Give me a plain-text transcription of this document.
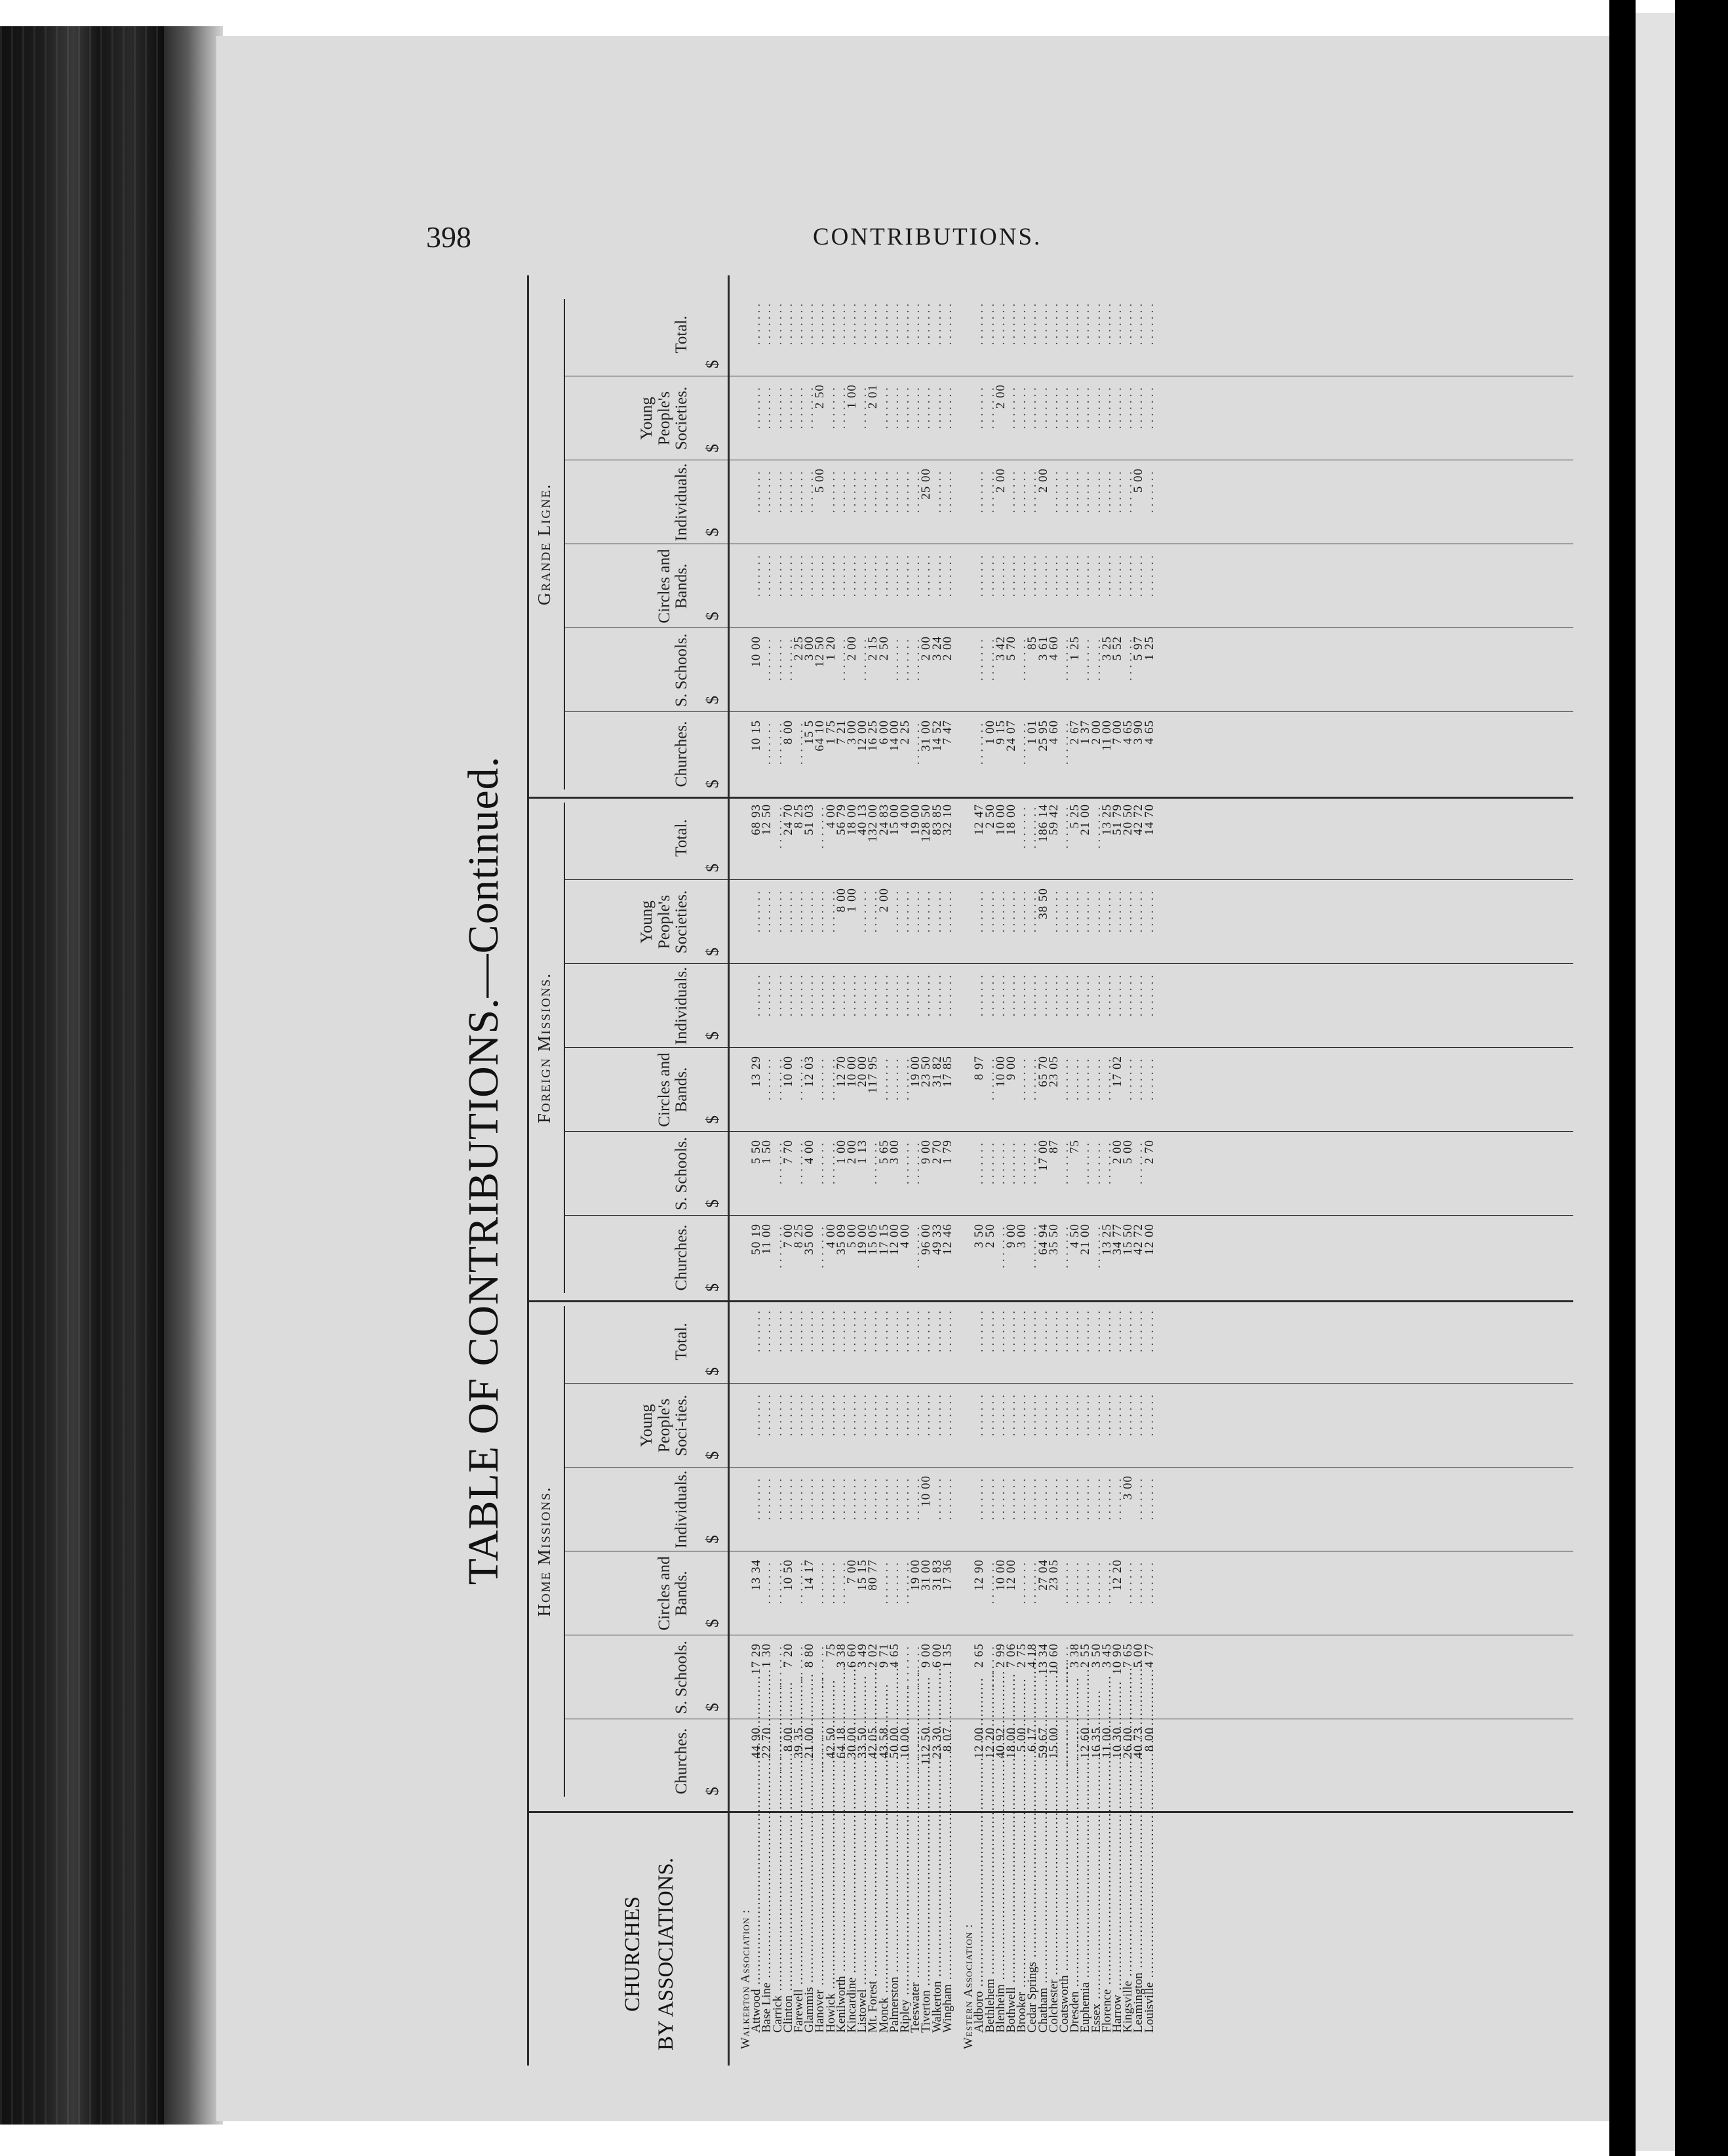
398	CONTRIBUTIONS.
TABLE OF CONTRIBUTIONS.—Continued.
CHURCHES BY ASSOCIATIONS.
Home Missions.
Churches. $
S. Schools. $
Circles and Bands.
$
Individuals. $
Young People's Soci-ties. $
Total.
$
Foreign Missions.
Churches. $
S. Schools. $
Circles and Bands.
$
Individuals. $
Young People's Societies. $
Total.
$
Grande Ligne.
Churches. $
S. Schools. $
Circles and Bands.
$
Individuals. $
Young People's Societies. $
Total.
$
Walkerton Association :
Attwood .....
44 90
17 29
13 34
.......
.......
.......
50 19
5 50
13 29
.......
.......
68 93
10 15
10 00
.......
.......
.......
.......
Base Line .....
22 70
1 30
.......
.......
.......
.......
11 00
1 50
.......
.......
.......
12 50
.......
.......
.......
.......
.......
.......
Carrick .....
.......
.......
.......
.......
.......
.......
.......
.......
.......
.......
.......
.......
.......
.......
.......
.......
.......
.......
Clinton .....
8 00
7 20
10 50
.......
.......
.......
7 00
7 70
10 00
.......
.......
24 70
8 00
.......
.......
.......
.......
.......
Farewell .....
39 35
.......
.......
.......
.......
.......
8 25
.......
.......
.......
.......
8 25
.......
2 25
.......
.......
.......
.......
Glammis .....
21 00
8 80
14 17
.......
.......
.......
35 00
4 00
12 03
.......
.......
51 03
15 5
3 00
.......
.......
.......
.......
Hanover .....
.......
.......
.......
.......
.......
.......
.......
.......
.......
.......
.......
.......
64 10
12 50
.......
5 00
2 50
.......
Howick .....
42 50
75
.......
.......
.......
.......
4 00
.......
.......
.......
.......
4 00
1 75
1 20
.......
.......
.......
.......
Kenilworth .....
64 18
3 38
.......
.......
.......
.......
35 09
1 00
12 70
.......
8 00
56 79
7 21
.......
.......
.......
.......
.......
Kincardine .....
30 00
6 60
7 00
.......
.......
.......
5 00
2 00
10 00
.......
1 00
18 00
3 00
2 00
.......
.......
1 00
.......
Listowel .....
33 50
3 49
15 15
.......
.......
.......
19 00
1 13
20 00
.......
.......
40 13
12 00
.......
.......
.......
.......
.......
Mt. Forest .....
42 05
2 02
80 77
.......
.......
.......
15 05
.......
117 95
.......
.......
132 00
16 25
2 15
.......
.......
2 01
.......
Monck .....
43 58
9 71
.......
.......
.......
.......
17 15
5 65
.......
.......
2 00
24 83
6 00
2 50
.......
.......
.......
.......
Palmerston .....
50 00
4 65
.......
.......
.......
.......
12 00
3 00
.......
.......
.......
15 00
14 00
.......
.......
.......
.......
.......
Ripley .....
10 00
.......
.......
.......
.......
.......
4 00
.......
.......
.......
.......
4 00
2 25
.......
.......
.......
.......
.......
Teeswater .....
.......
.......
19 00
.......
.......
.......
.......
.......
19 00
.......
.......
19 00
.......
.......
.......
.......
.......
.......
Tiverton .....
112 50
9 00
31 00
10 00
.......
.......
96 00
9 00
23 50
.......
.......
128 50
31 00
2 00
.......
25 00
.......
.......
Walkerton .....
23 30
6 00
31 83
.......
.......
.......
49 33
2 70
31 82
.......
.......
83 85
14 52
3 24
.......
.......
.......
.......
Wingham .....
8 07
1 35
17 36
.......
.......
.......
12 46
1 79
17 85
.......
.......
32 10
7 47
2 00
.......
.......
.......
.......
Western Association :
Aldboro .....
12 00
2 65
12 90
.......
.......
.......
3 50
.......
8 97
.......
.......
12 47
.......
.......
.......
.......
.......
.......
Bethlehem .....
12 20
.......
.......
.......
.......
.......
2 50
.......
.......
.......
.......
2 50
1 00
.......
.......
.......
.......
.......
Blenheim .....
40 92
2 99
10 00
.......
.......
.......
.......
.......
10 00
.......
.......
10 00
9 15
3 42
.......
2 00
2 00
.......
Bothwell .....
18 00
7 06
12 00
.......
.......
.......
9 00
.......
9 00
.......
.......
18 00
24 07
5 70
.......
.......
.......
.......
Brooker .....
5 00
2 75
.......
.......
.......
.......
3 00
.......
.......
.......
.......
.......
.......
.......
.......
.......
.......
.......
Cedar Springs .....
6 17
4 18
.......
.......
.......
.......
.......
.......
.......
.......
.......
.......
1 01
85
.......
.......
.......
.......
Chatham .....
59 67
13 34
27 04
.......
.......
.......
64 94
17 00
65 70
.......
38 50
186 14
25 95
3 61
.......
2 00
.......
.......
Colchester .....
15 00
10 60
23 05
.......
.......
.......
35 50
87
23 05
.......
.......
59 42
4 60
4 60
.......
.......
.......
.......
Coatsworth .....
.......
.......
.......
.......
.......
.......
.......
.......
.......
.......
.......
.......
.......
.......
.......
.......
.......
.......
Dresden .....
.......
3 38
.......
.......
.......
.......
4 50
75
.......
.......
.......
5 25
2 67
1 25
.......
.......
.......
.......
Euphemia .....
12 60
2 55
.......
.......
.......
.......
21 00
.......
.......
.......
.......
21 00
1 37
.......
.......
.......
.......
.......
Essex .....
16 35
3 50
.......
.......
.......
.......
.......
.......
.......
.......
.......
.......
2 00
.......
.......
.......
.......
.......
Florence .....
11 00
3 45
.......
.......
.......
.......
13 25
.......
.......
.......
.......
13 25
11 00
3 25
.......
.......
.......
.......
Harrow .....
10 30
10 90
12 20
.......
.......
.......
34 77
2 00
17 02
.......
.......
51 79
7 00
5 52
.......
.......
.......
.......
Kingsville .....
26 00
7 65
.......
3 00
.......
.......
15 50
5 00
.......
.......
.......
20 50
4 65
.......
.......
.......
.......
.......
Leamington .....
40 73
5 00
.......
.......
.......
.......
42 72
.......
.......
.......
.......
42 72
3 90
5 97
.......
5 00
.......
.......
Louisville .....
8 00
4 77
.......
.......
.......
.......
12 00
2 70
.......
.......
.......
14 70
4 65
1 25
.......
.......
.......
.......
